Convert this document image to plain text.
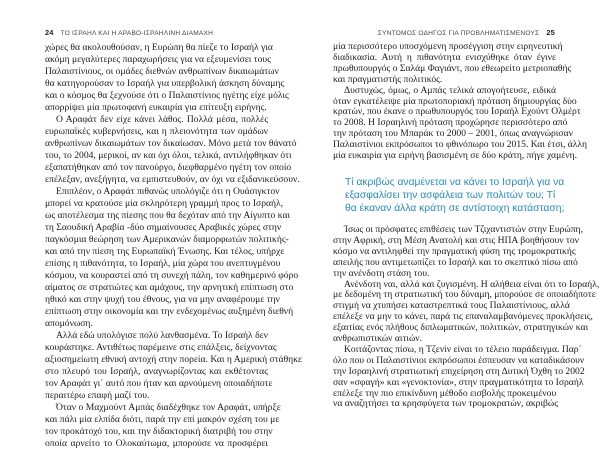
24 ΤΟ ΙΣΡΑΗΛ ΚΑΙ Η ΑΡΑΒΟ-ΙΣΡΑΗΛΙΝΗ ΔΙΑΜΑΧΗ	ΣΥΝΤΟΜΟΣ ΟΔΗΓΟΣ ΓΙΑ ΠΡΟΒΛΗΜΑΤΙΣΜΕΝΟΥΣ 25
χώρες θα ακολουθούσαν, η Ευρώπη θα πίεζε το Ισραήλ για
ακόμη μεγαλύτερες παραχωρήσεις για να εξευμενίσει τους
Παλαιστίνιους, οι ομάδες διεθνών ανθρωπίνων δικαιωμάτων
θα κατηγορούσαν το Ισραήλ για υπερβολική άσκηση δύναμης
και ο κόσμος θα ξεχνούσε ότι ο Παλαιστίνιος ηγέτης είχε μόλις
απορρίψει μία πρωτοφανή ευκαιρία για επίτευξη ειρήνης.
Ο Αραφάτ δεν είχε κάνει λάθος. Πολλά μέσα, πολλές
ευρωπαϊκές κυβερνήσεις, και η πλειονότητα των ομάδων
ανθρωπίνων δικαιωμάτων τον δικαίωσαν. Μόνο μετά τον θάνατό
του, το 2004, μερικοί, αν και όχι όλοι, τελικά, αντιλήφθηκαν ότι
εξαπατήθηκαν από τον πανούργο, διεφθαρμένο ηγέτη τον οποίο
επέλεξαν, ανεξήγητα, να εμπιστευθούν, αν όχι να εξιδανικεύσουν.
Επιπλέον, ο Αραφάτ πιθανώς υπολόγιζε ότι η Ουάσιγκτον
μπορεί να κρατούσε μία σκληρότερη γραμμή προς το Ισραήλ,
ως αποτέλεσμα της πίεσης που θα δεχόταν από την Αίγυπτο και
τη Σαουδική Αραβία -δύο σημαίνουσες Αραβικές χώρες στην
παγκόσμια θεώρηση των Αμερικανών διαμορφωτών πολιτικής-
και από την πίεση της Ευρωπαϊκή Ένωσης. Και τέλος, υπήρχε
επίσης η πιθανότητα, το Ισραήλ, μία χώρα του ανεπτυγμένου
κόσμου, να κουραστεί από τη συνεχή πάλη, τον καθημερινό φόρο
αίματος σε στρατιώτες και αμάχους, την αρνητική επίπτωση στο
ηθικό και στην ψυχή του έθνους, για να μην αναφέρουμε την
επίπτωση στην οικονομία και την ενδεχομένως αυξημένη διεθνή
απομόνωση.
Αλλά εδώ υπολόγισε πολύ λανθασμένα. Το Ισραήλ δεν
κουράστηκε. Αντιθέτως παρέμεινε στις επάλξεις, δείχνοντας
αξιοσημείωτη εθνική αντοχή στην πορεία. Και η Αμερική στάθηκε
στο πλευρό του Ισραήλ, αναγνωρίζοντας και εκθέτοντας
τον Αραφάτ γι΄ αυτό που ήταν και αρνούμενη οποιαδήποτε
περαιτέρω επαφή μαζί του.
Όταν ο Μαχμούντ Αμπάς διαδέχθηκε τον Αραφάτ, υπήρξε
και πάλι μία ελπίδα διότι, παρά την επί μακρόν σχέση του με
τον προκάτοχό του, και την διδακτορική διατριβή του στην
οποία αρνείτο το Ολοκαύτωμα, μπορούσε να προσφέρει
μία περισσότερο υποσχόμενη προσέγγιση στην ειρηνευτική
διαδικασία. Αυτή η πιθανότητα ενισχύθηκε όταν έγινε
πρωθυπουργός ο Σαλάμ Φαγιάντ, που εθεωρείτο μετριοπαθής
και πραγματιστής πολιτικός.
Δυστυχώς, όμως, ο Αμπάς τελικά απογοήτευσε, ειδικά
όταν εγκατέλειψε μία πρωτοποριακή πρόταση δημιουργίας δύο
κρατών, που έκανε ο πρωθυπουργός του Ισραήλ Εχούντ Ολμέρτ
το 2008. Η Ισραηλινή πρόταση προχώρησε περισσότερο από
την πρόταση του Μπαράκ το 2000 – 2001, όπως αναγνώρισαν
Παλαιστίνιοι εκπρόσωποι το φθινόπωρο του 2015. Και έτσι, άλλη
μία ευκαιρία για ειρήνη βασισμένη σε δύο κράτη, πήγε χαμένη.
Τί ακριβώς αναμένεται να κάνει το Ισραήλ για να
εξασφαλίσει την ασφάλεια των πολιτών του; Τί
θα έκαναν άλλα κράτη σε αντίστοιχη κατάσταση;
Ίσως οι πρόσφατες επιθέσεις των Τζιχαντιστών στην Ευρώπη,
στην Αφρική, στη Μέση Ανατολή και στις ΗΠΑ βοηθήσουν τον
κόσμο να αντιληφθεί την πραγματική φύση της τρομοκρατικής
απειλής που αντιμετωπίζει το Ισραήλ και το σκεπτικό πίσω από
την ανένδοτη στάση του.
Ανένδοτη ναι, αλλά και ζυγισμένη. Η αλήθεια είναι ότι το Ισραήλ,
με δεδομένη τη στρατιωτική του δύναμη, μπορούσε σε οποιαδήποτε
στιγμή να χτυπήσει καταστρεπτικά τους Παλαιστίνιους, αλλά
επέλεξε να μην το κάνει, παρά τις επαναλαμβανόμενες προκλήσεις,
εξαιτίας ενός πλήθους διπλωματικών, πολιτικών, στρατηγικών και
ανθρωπιστικών αιτιών.
Κοιτάζοντας πίσω, η Τζενίν είναι το τέλειο παράδειγμα. Παρ΄
όλο που οι Παλαιστίνιοι εκπρόσωποι έσπευσαν να καταδικάσουν
την Ισραηλινή στρατιωτική επιχείρηση στη Δυτική Όχθη το 2002
σαν «σφαγή» και «γενοκτονία», στην πραγματικότητα το Ισραήλ
επέλεξε την πιο επικίνδυνη μέθοδο εισβολής προκειμένου
να αναζητήσει τα κρησφύγετα των τρομοκρατών, ακριβώς
